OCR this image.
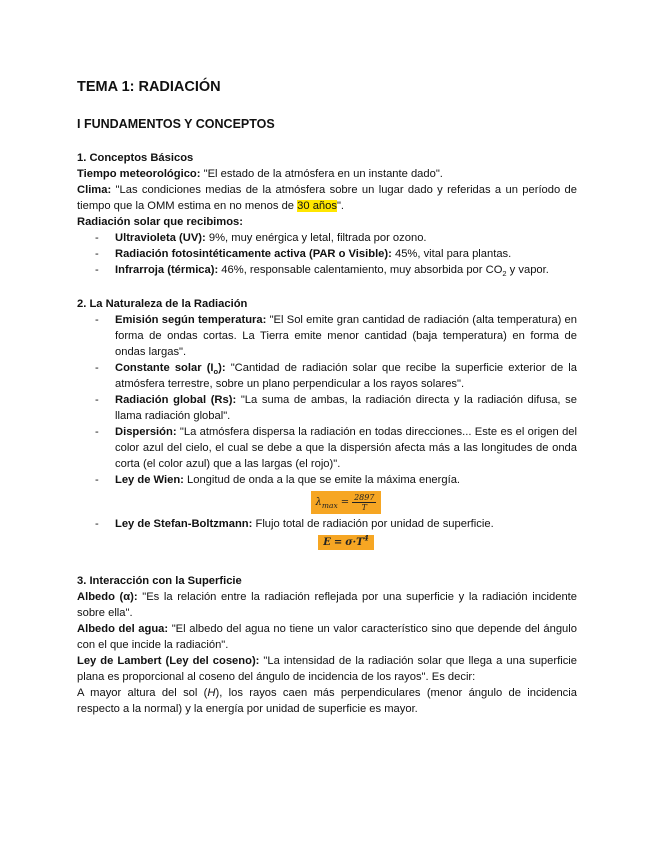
TEMA 1: RADIACIÓN
I FUNDAMENTOS Y CONCEPTOS
1. Conceptos Básicos

Tiempo meteorológico: "El estado de la atmósfera en un instante dado".

Clima: "Las condiciones medias de la atmósfera sobre un lugar dado y referidas a un período de tiempo que la OMM estima en no menos de 30 años".

Radiación solar que recibimos:

- Ultravioleta (UV): 9%, muy enérgica y letal, filtrada por ozono.
- Radiación fotosintéticamente activa (PAR o Visible): 45%, vital para plantas.
- Infrarroja (térmica): 46%, responsable calentamiento, muy absorbida por $CO_2$ y vapor.
2. La Naturaleza de la Radiación
- Emisión según temperatura: "El Sol emite gran cantidad de radiación (alta temperatura) en forma de ondas cortas. La Tierra emite menor cantidad (baja temperatura) en forma de ondas largas".
- Constante solar $(I_o)$: "Cantidad de radiación solar que recibe la superficie exterior de la atmósfera terrestre, sobre un plano perpendicular a los rayos solares".
- Radiación global (Rs): "La suma de ambas, la radiación directa y la radiación difusa, se llama radiación global".
- Dispersión: "La atmósfera dispersa la radiación en todas direcciones... Este es el origen del color azul del cielo, el cual se debe a que la dispersión afecta más a las longitudes de onda corta (el color azul) que a las largas (el rojo)".
- Ley de Wien: Longitud de onda a la que se emite la máxima energía.
$\lambda_{max} = \frac{2897}{T}$
- Ley de Stefan-Boltzmann: Flujo total de radiación por unidad de superficie.
$E = \sigma\cdot T^4$
3. Interacción con la Superficie

Albedo (α): "Es la relación entre la radiación reflejada por una superficie y la radiación incidente sobre ella".

Albedo del agua: "El albedo del agua no tiene un valor característico sino que depende del ángulo con el que incide la radiación".

Ley de Lambert (Ley del coseno): "La intensidad de la radiación solar que llega a una superficie plana es proporcional al coseno del ángulo de incidencia de los rayos". Es decir:

A mayor altura del sol (H), los rayos caen más perpendiculares (menor ángulo de incidencia respecto a la normal) y la energía por unidad de superficie es mayor.
